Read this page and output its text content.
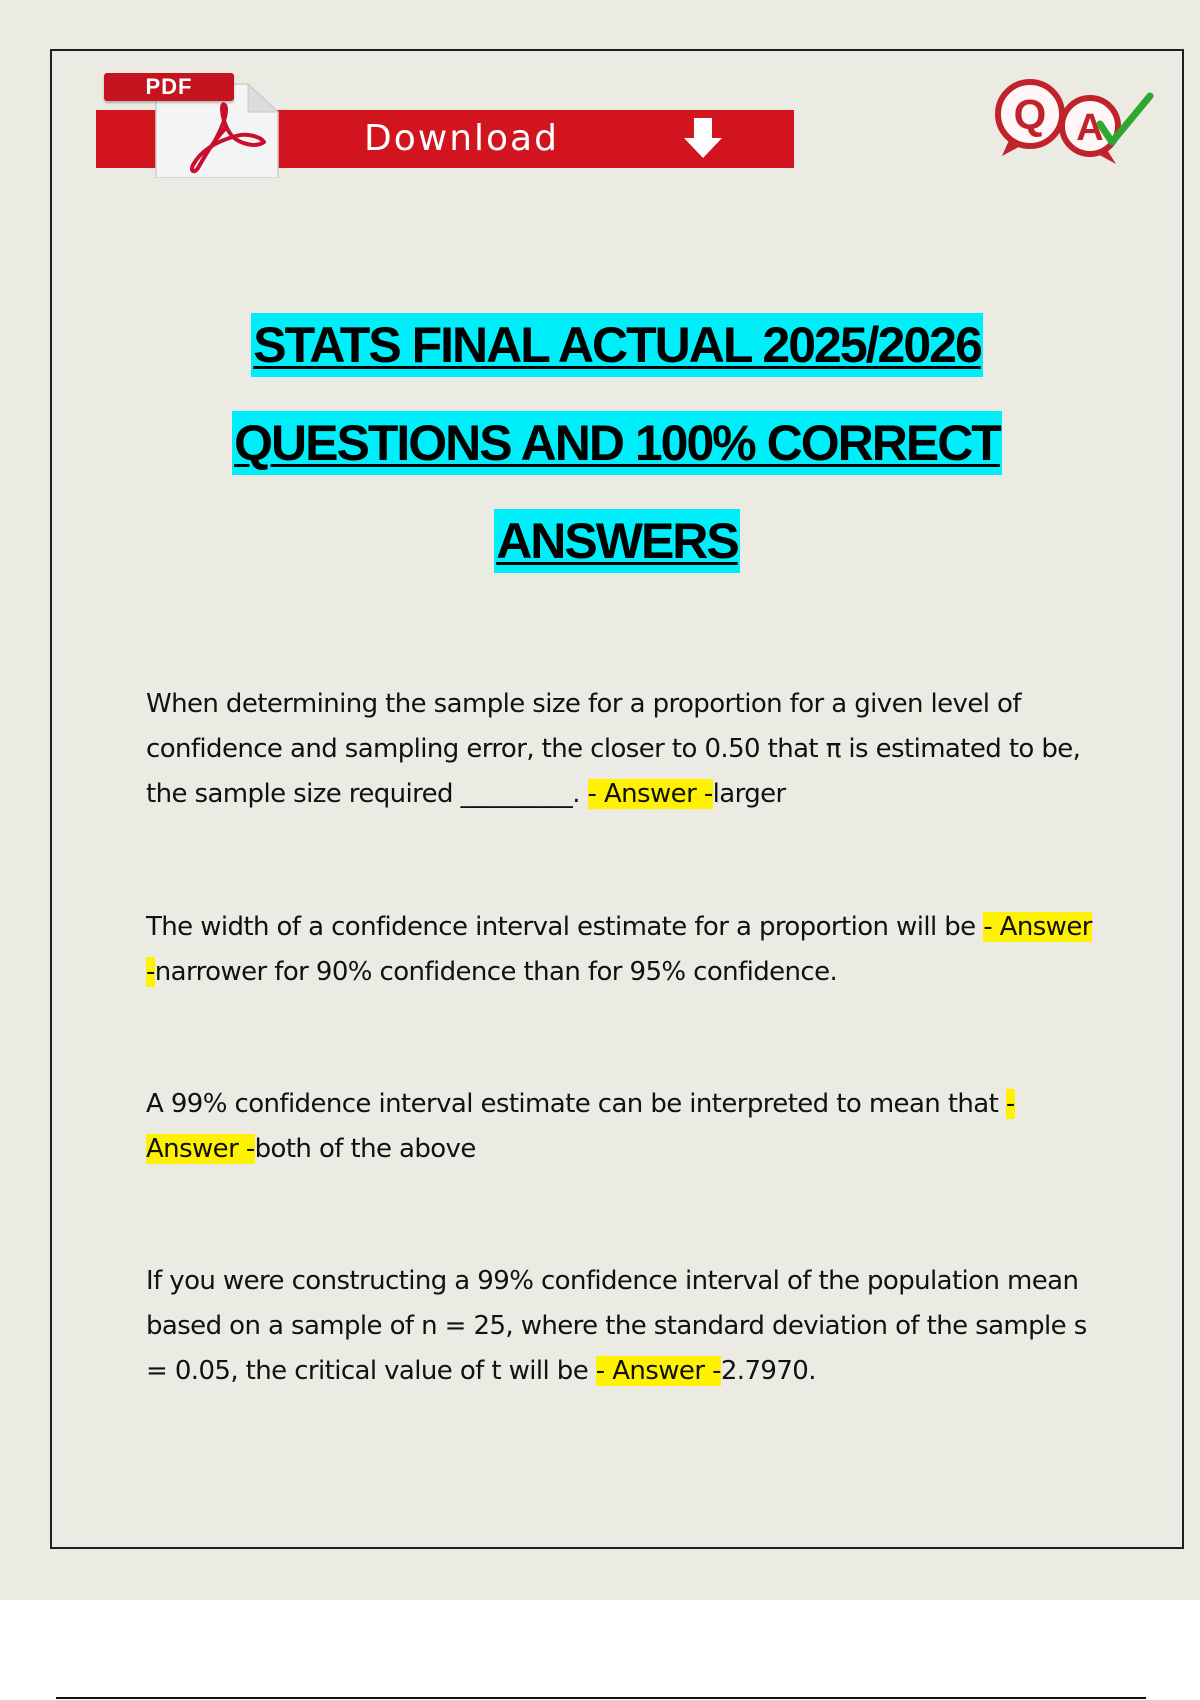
PDF
Download
Q A
STATS FINAL ACTUAL 2025/2026
QUESTIONS AND 100% CORRECT
ANSWERS
When determining the sample size for a proportion for a given level of confidence and sampling error, the closer to 0.50 that π is estimated to be, the sample size required _________. - Answer -larger
The width of a confidence interval estimate for a proportion will be - Answer -narrower for 90% confidence than for 95% confidence.
A 99% confidence interval estimate can be interpreted to mean that - Answer -both of the above
If you were constructing a 99% confidence interval of the population mean based on a sample of n = 25, where the standard deviation of the sample s = 0.05, the critical value of t will be - Answer -2.7970.
